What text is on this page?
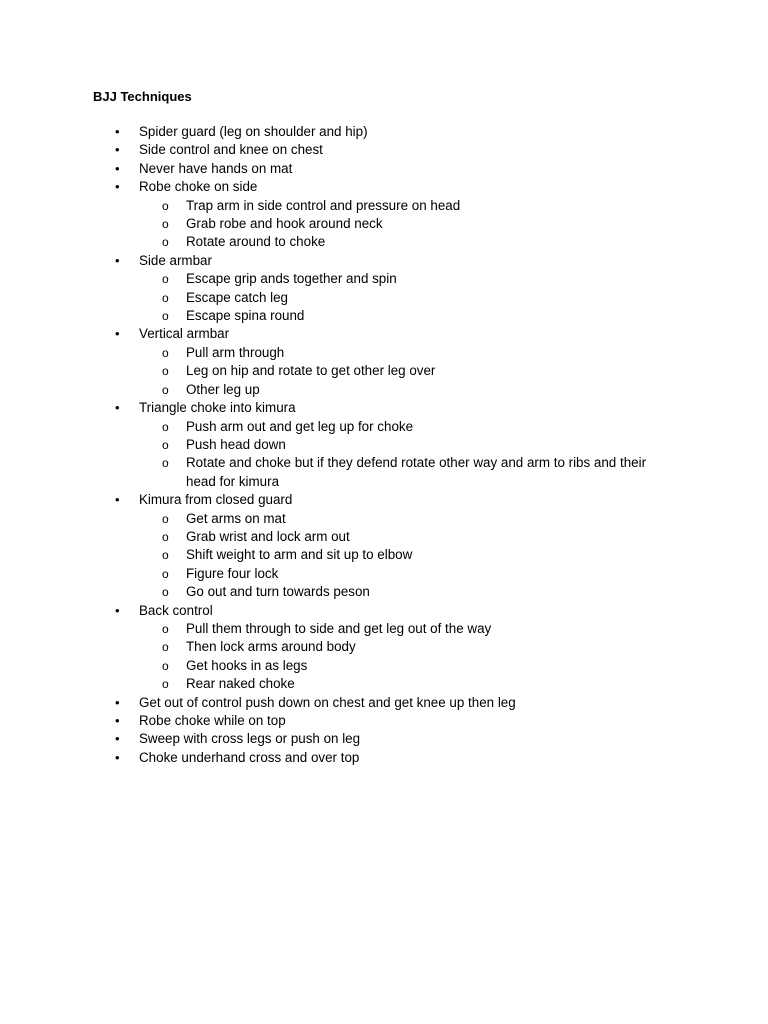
BJJ Techniques
• Spider guard (leg on shoulder and hip)
• Side control and knee on chest
• Never have hands on mat
• Robe choke on side
o Trap arm in side control and pressure on head
o Grab robe and hook around neck
o Rotate around to choke
• Side armbar
o Escape grip ands together and spin
o Escape catch leg
o Escape spina round
• Vertical armbar
o Pull arm through
o Leg on hip and rotate to get other leg over
o Other leg up
• Triangle choke into kimura
o Push arm out and get leg up for choke
o Push head down
o Rotate and choke but if they defend rotate other way and arm to ribs and their head for kimura
• Kimura from closed guard
o Get arms on mat
o Grab wrist and lock arm out
o Shift weight to arm and sit up to elbow
o Figure four lock
o Go out and turn towards peson
• Back control
o Pull them through to side and get leg out of the way
o Then lock arms around body
o Get hooks in as legs
o Rear naked choke
• Get out of control push down on chest and get knee up then leg
• Robe choke while on top
• Sweep with cross legs or push on leg
• Choke underhand cross and over top
